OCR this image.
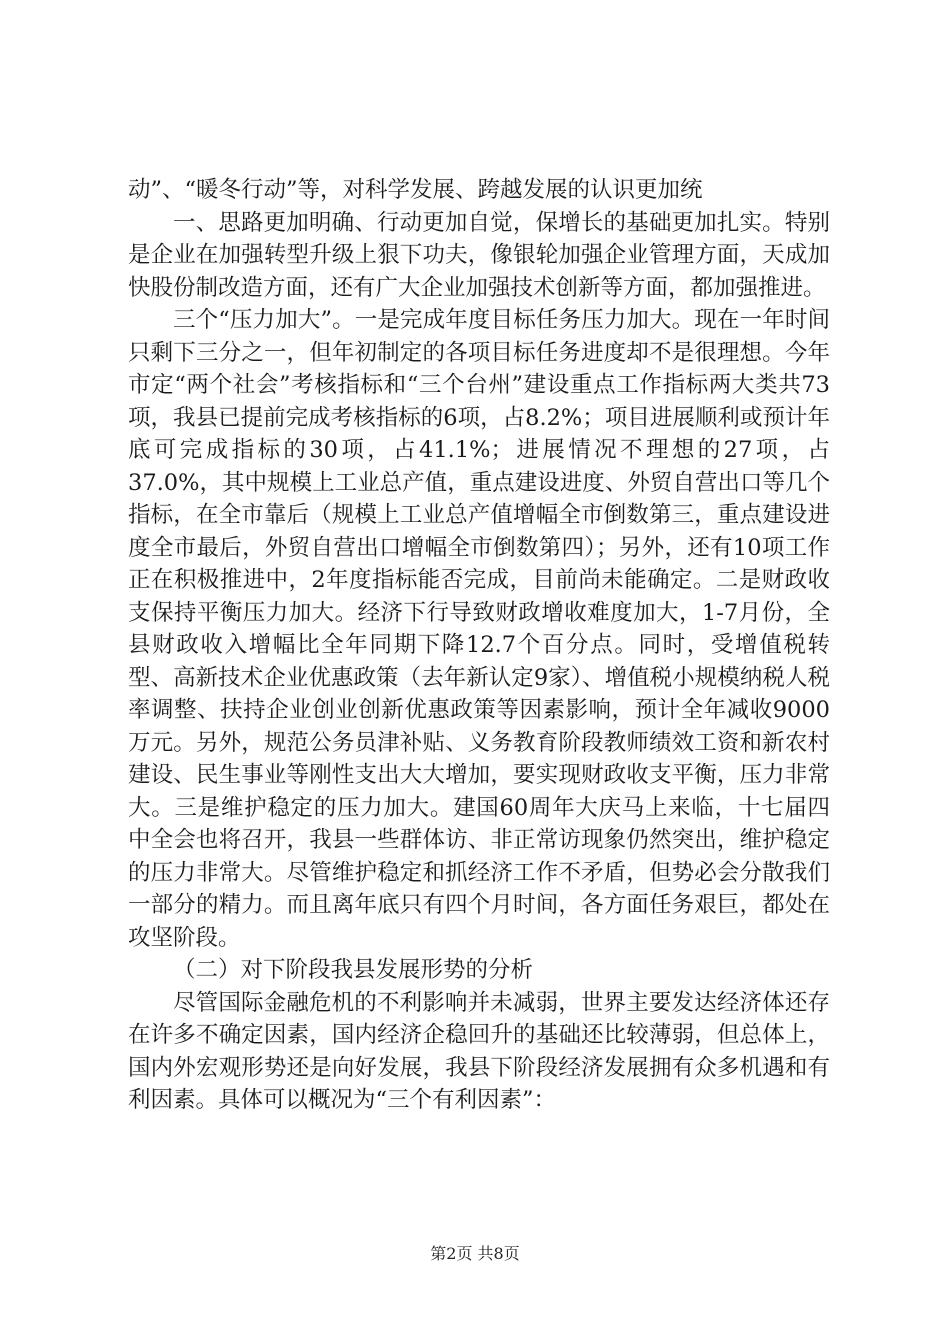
动”、“暖冬行动”等，对科学发展、跨越发展的认识更加统

一、思路更加明确、行动更加自觉，保增长的基础更加扎实。特别是企业在加强转型升级上狠下功夫，像银轮加强企业管理方面，天成加快股份制改造方面，还有广大企业加强技术创新等方面，都加强推进。

三个“压力加大”。一是完成年度目标任务压力加大。现在一年时间只剩下三分之一，但年初制定的各项目标任务进度却不是很理想。今年市定“两个社会”考核指标和“三个台州”建设重点工作指标两大类共73项，我县已提前完成考核指标的6项，占8.2%；项目进展顺利或预计年底可完成指标的30项，占41.1%；进展情况不理想的27项，占37.0%，其中规模上工业总产值，重点建设进度、外贸自营出口等几个指标，在全市靠后（规模上工业总产值增幅全市倒数第三，重点建设进度全市最后，外贸自营出口增幅全市倒数第四）；另外，还有10项工作正在积极推进中，2年度指标能否完成，目前尚未能确定。二是财政收支保持平衡压力加大。经济下行导致财政增收难度加大，1-7月份，全县财政收入增幅比全年同期下降12.7个百分点。同时，受增值税转型、高新技术企业优惠政策（去年新认定9家）、增值税小规模纳税人税率调整、扶持企业创业创新优惠政策等因素影响，预计全年减收9000万元。另外，规范公务员津补贴、义务教育阶段教师绩效工资和新农村建设、民生事业等刚性支出大大增加，要实现财政收支平衡，压力非常大。三是维护稳定的压力加大。建国60周年大庆马上来临，十七届四中全会也将召开，我县一些群体访、非正常访现象仍然突出，维护稳定的压力非常大。尽管维护稳定和抓经济工作不矛盾，但势必会分散我们一部分的精力。而且离年底只有四个月时间，各方面任务艰巨，都处在攻坚阶段。

（二）对下阶段我县发展形势的分析

尽管国际金融危机的不利影响并未减弱，世界主要发达经济体还存在许多不确定因素，国内经济企稳回升的基础还比较薄弱，但总体上，国内外宏观形势还是向好发展，我县下阶段经济发展拥有众多机遇和有利因素。具体可以概况为“三个有利因素”：

第2页 共8页
